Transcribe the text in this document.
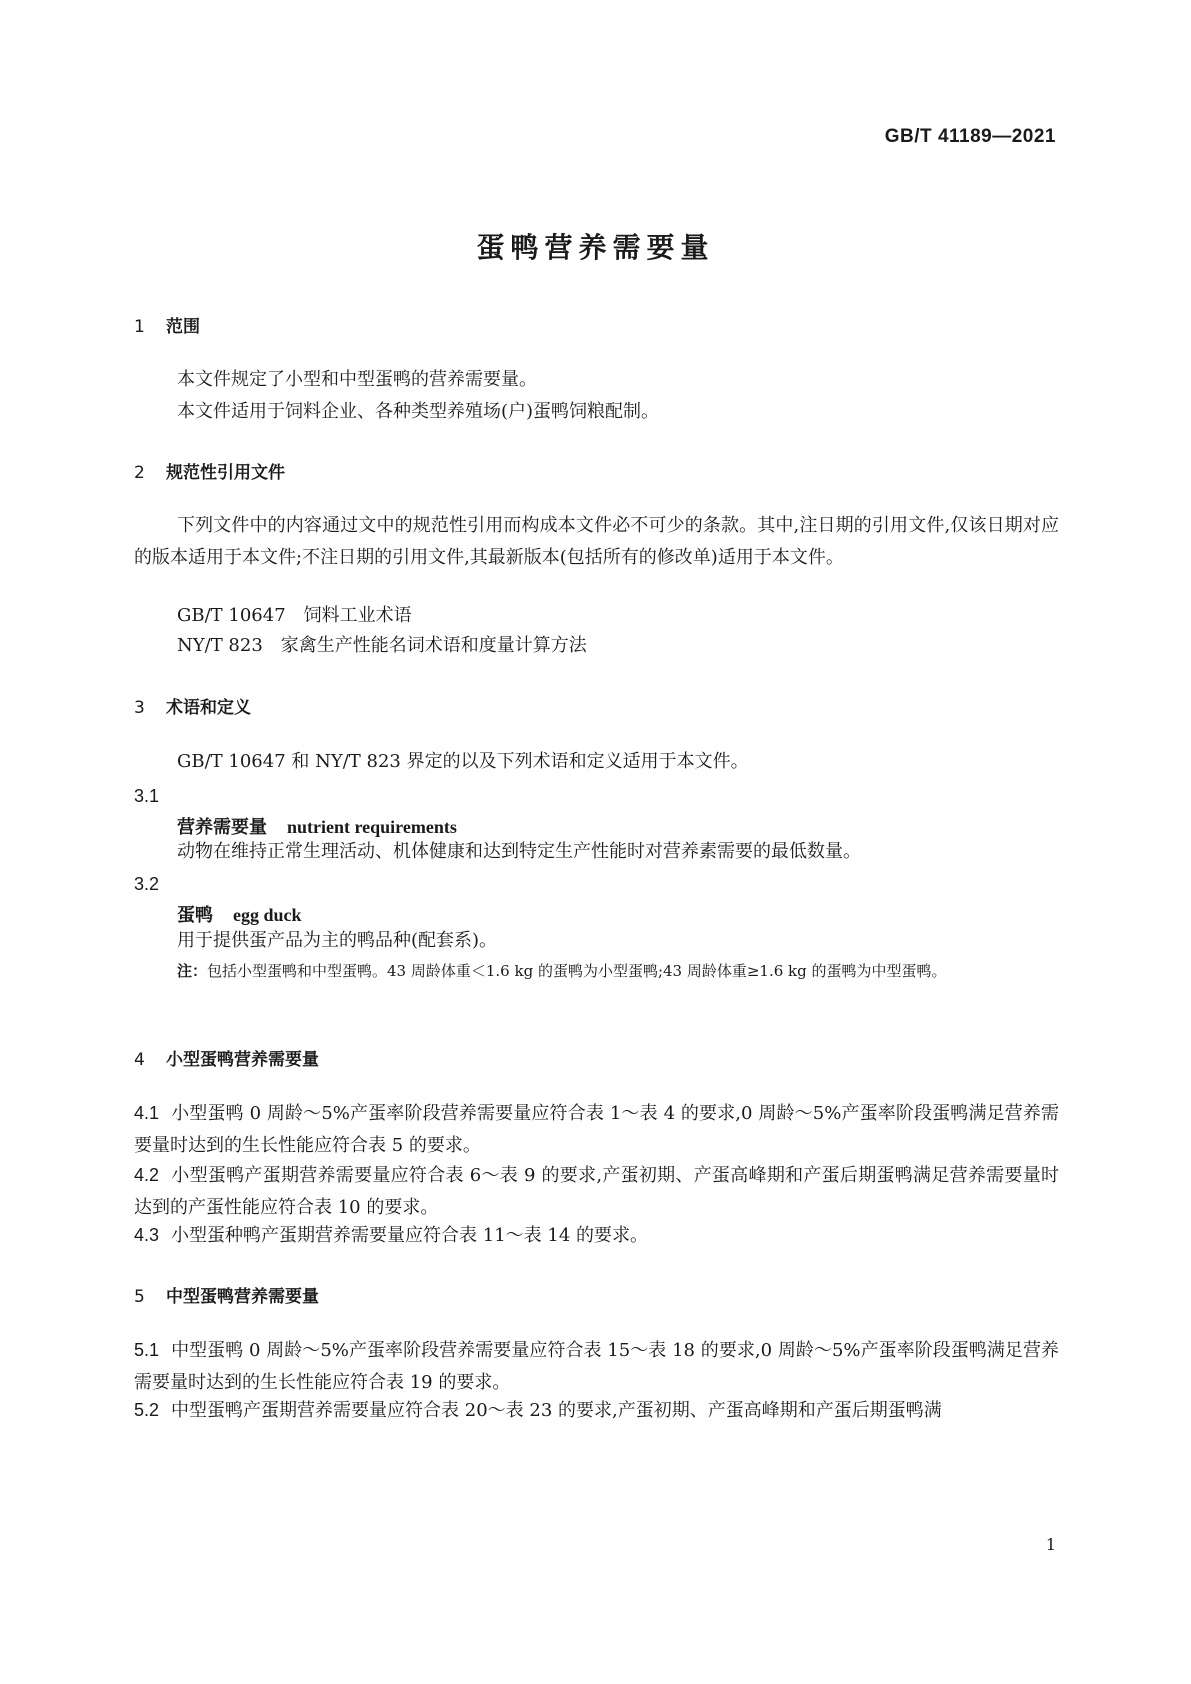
GB/T 41189—2021
蛋鸭营养需要量
1 范围
本文件规定了小型和中型蛋鸭的营养需要量。
本文件适用于饲料企业、各种类型养殖场(户)蛋鸭饲粮配制。
2 规范性引用文件
下列文件中的内容通过文中的规范性引用而构成本文件必不可少的条款。其中,注日期的引用文件,仅该日期对应的版本适用于本文件;不注日期的引用文件,其最新版本(包括所有的修改单)适用于本文件。
GB/T 10647　饲料工业术语
NY/T 823　家禽生产性能名词术语和度量计算方法
3 术语和定义
GB/T 10647 和 NY/T 823 界定的以及下列术语和定义适用于本文件。
3.1
营养需要量 nutrient requirements
动物在维持正常生理活动、机体健康和达到特定生产性能时对营养素需要的最低数量。
3.2
蛋鸭 egg duck
用于提供蛋产品为主的鸭品种(配套系)。
注：包括小型蛋鸭和中型蛋鸭。43 周龄体重＜1.6 kg 的蛋鸭为小型蛋鸭;43 周龄体重≥1.6 kg 的蛋鸭为中型蛋鸭。
4 小型蛋鸭营养需要量
4.1 小型蛋鸭 0 周龄～5%产蛋率阶段营养需要量应符合表 1～表 4 的要求,0 周龄～5%产蛋率阶段蛋鸭满足营养需要量时达到的生长性能应符合表 5 的要求。
4.2 小型蛋鸭产蛋期营养需要量应符合表 6～表 9 的要求,产蛋初期、产蛋高峰期和产蛋后期蛋鸭满足营养需要量时达到的产蛋性能应符合表 10 的要求。
4.3 小型蛋种鸭产蛋期营养需要量应符合表 11～表 14 的要求。
5 中型蛋鸭营养需要量
5.1 中型蛋鸭 0 周龄～5%产蛋率阶段营养需要量应符合表 15～表 18 的要求,0 周龄～5%产蛋率阶段蛋鸭满足营养需要量时达到的生长性能应符合表 19 的要求。
5.2 中型蛋鸭产蛋期营养需要量应符合表 20～表 23 的要求,产蛋初期、产蛋高峰期和产蛋后期蛋鸭满
1
